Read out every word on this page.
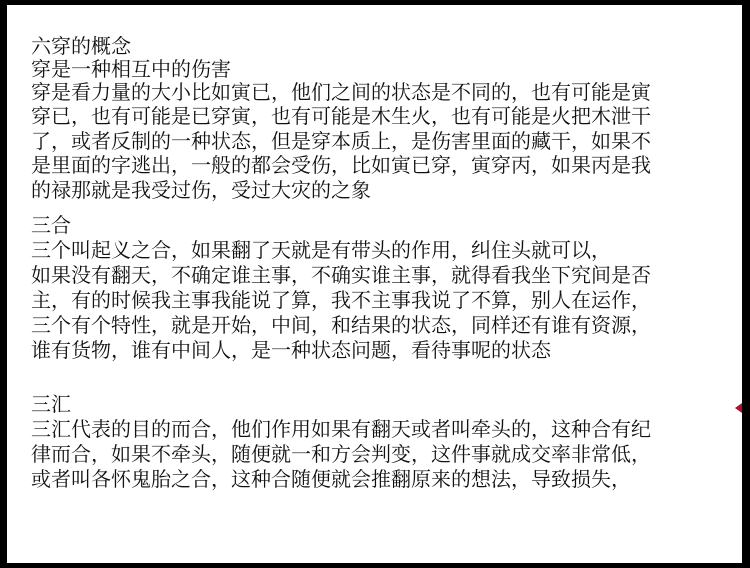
六穿的概念
穿是一种相互中的伤害
穿是看力量的大小比如寅已，他们之间的状态是不同的，也有可能是寅
穿已，也有可能是已穿寅，也有可能是木生火，也有可能是火把木泄干
了，或者反制的一种状态，但是穿本质上，是伤害里面的藏干，如果不
是里面的字逃出，一般的都会受伤，比如寅已穿，寅穿丙，如果丙是我
的禄那就是我受过伤，受过大灾的之象
三合
三个叫起义之合，如果翻了天就是有带头的作用，纠住头就可以，
如果没有翻天，不确定谁主事，不确实谁主事，就得看我坐下究间是否
主，有的时候我主事我能说了算，我不主事我说了不算，别人在运作，
三个有个特性，就是开始，中间，和结果的状态，同样还有谁有资源，
谁有货物，谁有中间人，是一种状态问题，看待事呢的状态
三汇
三汇代表的目的而合，他们作用如果有翻天或者叫牵头的，这种合有纪
律而合，如果不牵头，随便就一和方会判变，这件事就成交率非常低，
或者叫各怀鬼胎之合，这种合随便就会推翻原来的想法，导致损失，
